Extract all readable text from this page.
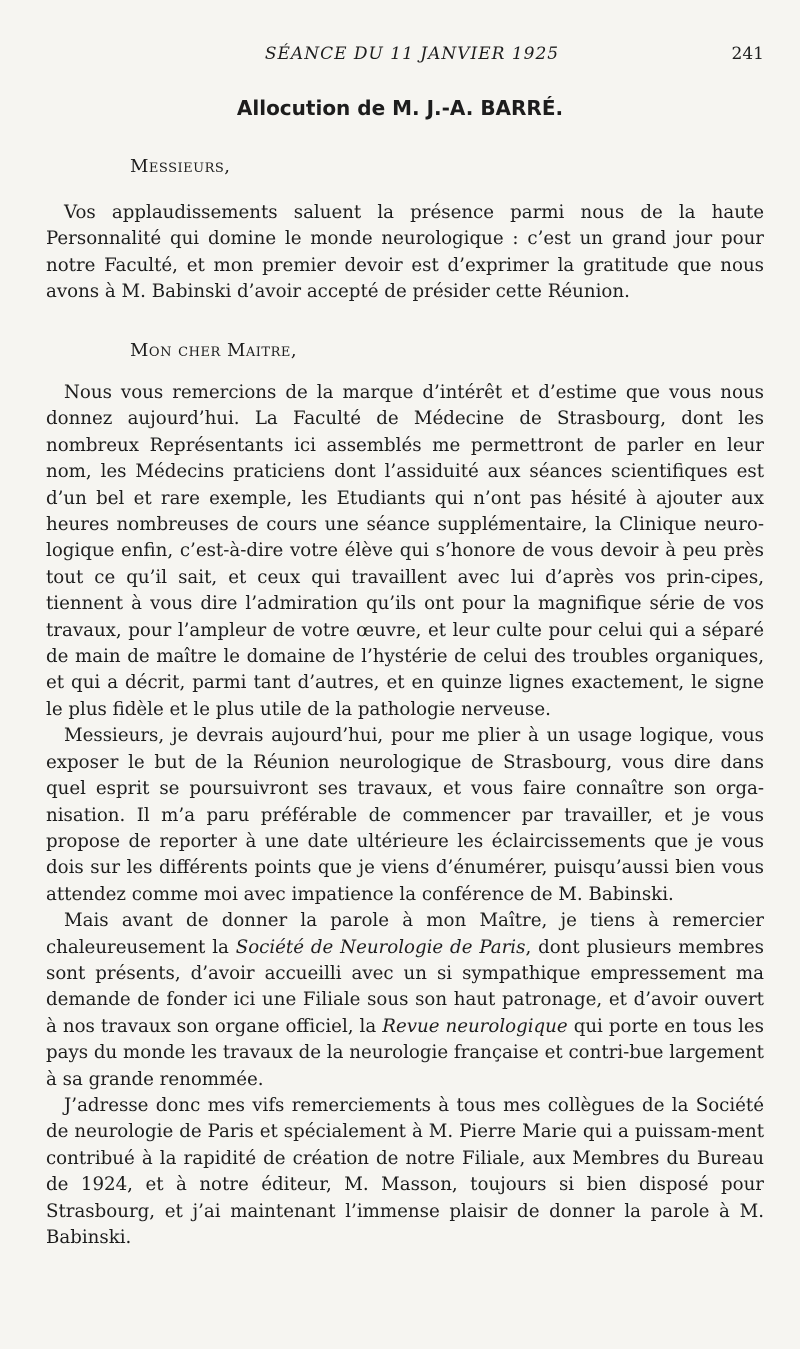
SÉANCE DU 11 JANVIER 1925	241
Allocution de M. J.-A. BARRÉ.
Messieurs,

Vos applaudissements saluent la présence parmi nous de la haute Personnalité qui domine le monde neurologique : c’est un grand jour pour notre Faculté, et mon premier devoir est d’exprimer la gratitude que nous avons à M. Babinski d’avoir accepté de présider cette Réunion.

Mon cher Maitre,

Nous vous remercions de la marque d’intérêt et d’estime que vous nous donnez aujourd’hui. La Faculté de Médecine de Strasbourg, dont les nombreux Représentants ici assemblés me permettront de parler en leur nom, les Médecins praticiens dont l’assiduité aux séances scientifiques est d’un bel et rare exemple, les Etudiants qui n’ont pas hésité à ajouter aux heures nombreuses de cours une séance supplémentaire, la Clinique neuro-logique enfin, c’est-à-dire votre élève qui s’honore de vous devoir à peu près tout ce qu’il sait, et ceux qui travaillent avec lui d’après vos prin-cipes, tiennent à vous dire l’admiration qu’ils ont pour la magnifique série de vos travaux, pour l’ampleur de votre œuvre, et leur culte pour celui qui a séparé de main de maître le domaine de l’hystérie de celui des troubles organiques, et qui a décrit, parmi tant d’autres, et en quinze lignes exactement, le signe le plus fidèle et le plus utile de la pathologie nerveuse.

Messieurs, je devrais aujourd’hui, pour me plier à un usage logique, vous exposer le but de la Réunion neurologique de Strasbourg, vous dire dans quel esprit se poursuivront ses travaux, et vous faire connaître son orga-nisation. Il m’a paru préférable de commencer par travailler, et je vous propose de reporter à une date ultérieure les éclaircissements que je vous dois sur les différents points que je viens d’énumérer, puisqu’aussi bien vous attendez comme moi avec impatience la conférence de M. Babinski.

Mais avant de donner la parole à mon Maître, je tiens à remercier chaleureusement la Société de Neurologie de Paris, dont plusieurs membres sont présents, d’avoir accueilli avec un si sympathique empressement ma demande de fonder ici une Filiale sous son haut patronage, et d’avoir ouvert à nos travaux son organe officiel, la Revue neurologique qui porte en tous les pays du monde les travaux de la neurologie française et contri-bue largement à sa grande renommée.

J’adresse donc mes vifs remerciements à tous mes collègues de la Société de neurologie de Paris et spécialement à M. Pierre Marie qui a puissam-ment contribué à la rapidité de création de notre Filiale, aux Membres du Bureau de 1924, et à notre éditeur, M. Masson, toujours si bien disposé pour Strasbourg, et j’ai maintenant l’immense plaisir de donner la parole à M. Babinski.
